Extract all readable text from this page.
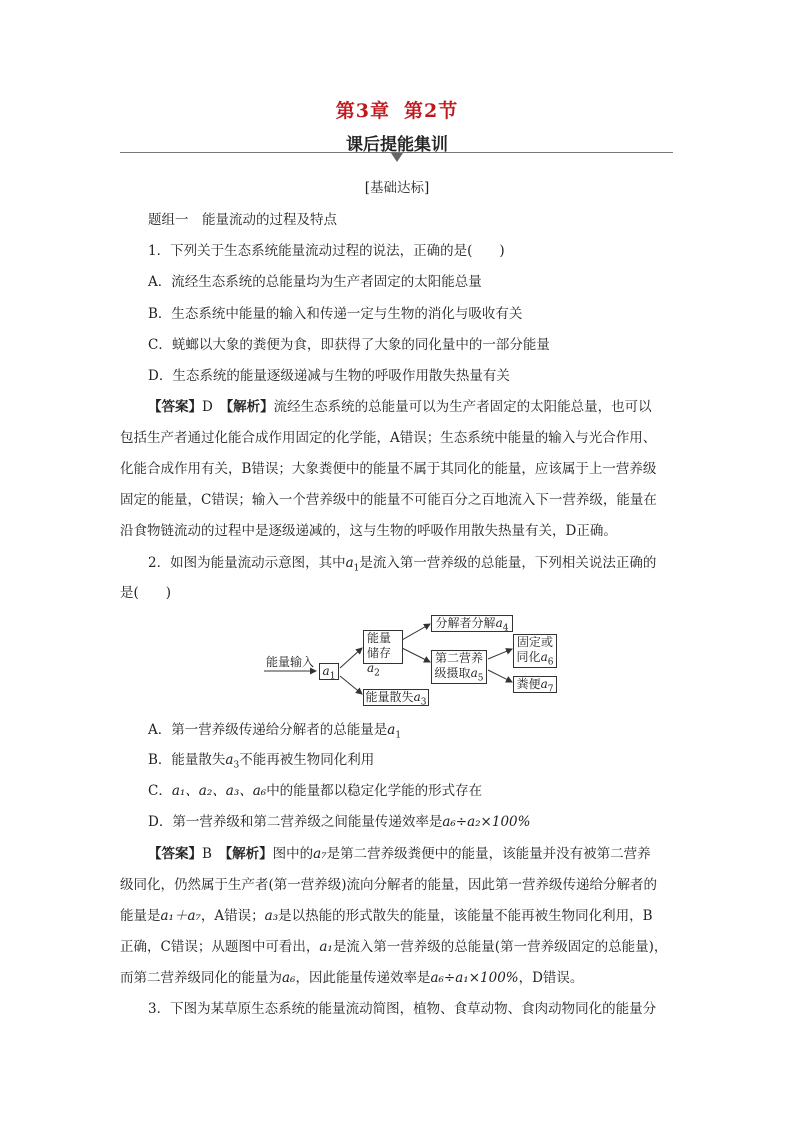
第3章 第2节
课后提能集训
[基础达标]
题组一　能量流动的过程及特点
1．下列关于生态系统能量流动过程的说法，正确的是(　　)
A．流经生态系统的总能量均为生产者固定的太阳能总量
B．生态系统中能量的输入和传递一定与生物的消化与吸收有关
C．蜣螂以大象的粪便为食，即获得了大象的同化量中的一部分能量
D．生态系统的能量逐级递减与生物的呼吸作用散失热量有关
【答案】D　 【解析】流经生态系统的总能量可以为生产者固定的太阳能总量，也可以
包括生产者通过化能合成作用固定的化学能，A错误；生态系统中能量的输入与光合作用、
化能合成作用有关，B错误；大象粪便中的能量不属于其同化的能量，应该属于上一营养级
固定的能量，C错误；输入一个营养级中的能量不可能百分之百地流入下一营养级，能量在
沿食物链流动的过程中是逐级递减的，这与生物的呼吸作用散失热量有关，D正确。
2．如图为能量流动示意图，其中$a_1$是流入第一营养级的总能量，下列相关说法正确的
是(　　)
能量输入
$a_1$
能量
储存$a_2$
能量散失$a_3$
分解者分解$a_4$
第二营养
级摄取$a_5$
固定或
同化$a_6$
粪便$a_7$
A．第一营养级传递给分解者的总能量是$a_1$
B．能量散失$a_3$不能再被生物同化利用
C．a₁、a₂、a₃、a₆中的能量都以稳定化学能的形式存在
D．第一营养级和第二营养级之间能量传递效率是a₆÷a₂×100%
【答案】B　 【解析】图中的a₇是第二营养级粪便中的能量，该能量并没有被第二营养
级同化，仍然属于生产者(第一营养级)流向分解者的能量，因此第一营养级传递给分解者的
能量是a₁＋a₇，A错误；a₃是以热能的形式散失的能量，该能量不能再被生物同化利用，B
正确，C错误；从题图中可看出，a₁是流入第一营养级的总能量(第一营养级固定的总能量)，
而第二营养级同化的能量为a₆，因此能量传递效率是a₆÷a₁×100%，D错误。
3．下图为某草原生态系统的能量流动简图，植物、食草动物、食肉动物同化的能量分
